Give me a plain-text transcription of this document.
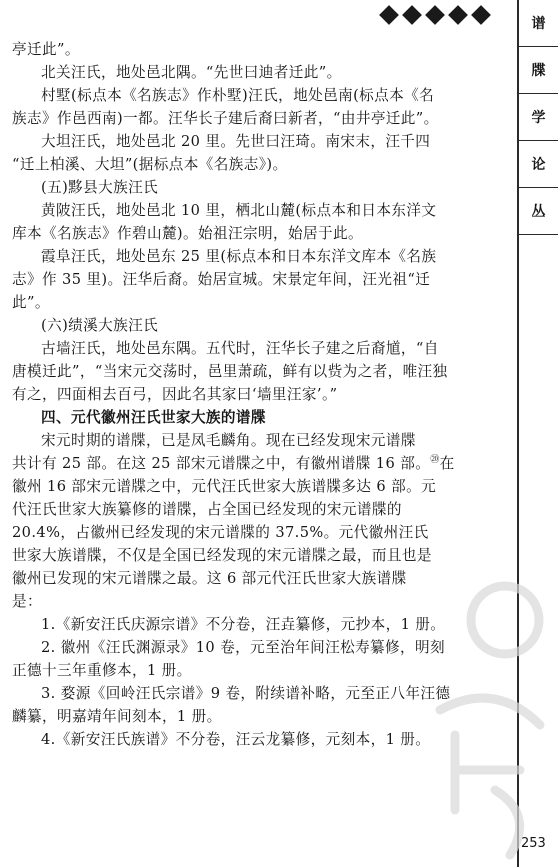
谱
牒
学
论
丛
亭迁此”。
北关汪氏，地处邑北隅。“先世曰迪者迁此”。
村墅(标点本《名族志》作朴墅)汪氏，地处邑南(标点本《名
族志》作邑西南)一都。汪华长子建后裔曰新者，“由井亭迁此”。
大坦汪氏，地处邑北 20 里。先世曰汪琦。南宋末，汪千四
“迁上柏溪、大坦”(据标点本《名族志》)。
(五)黟县大族汪氏
黄陂汪氏，地处邑北 10 里，栖北山麓(标点本和日本东洋文
库本《名族志》作碧山麓)。始祖汪宗明，始居于此。
霞阜汪氏，地处邑东 25 里(标点本和日本东洋文库本《名族
志》作 35 里)。汪华后裔。始居宣城。宋景定年间，汪光祖“迁
此”。
(六)绩溪大族汪氏
古墙汪氏，地处邑东隅。五代时，汪华长子建之后裔馗，“自
唐模迁此”，“当宋元交荡时，邑里萧疏，鲜有以赀为之者，唯汪独
有之，四面相去百弓，因此名其家曰‘墙里汪家’。”
四、元代徽州汪氏世家大族的谱牒
宋元时期的谱牒，已是凤毛麟角。现在已经发现宋元谱牒
共计有 25 部。在这 25 部宋元谱牒之中，有徽州谱牒 16 部。⑳在
徽州 16 部宋元谱牒之中，元代汪氏世家大族谱牒多达 6 部。元
代汪氏世家大族纂修的谱牒，占全国已经发现的宋元谱牒的
20.4%，占徽州已经发现的宋元谱牒的 37.5%。元代徽州汪氏
世家大族谱牒，不仅是全国已经发现的宋元谱牒之最，而且也是
徽州已发现的宋元谱牒之最。这 6 部元代汪氏世家大族谱牒
是：
1.《新安汪氏庆源宗谱》不分卷，汪垚纂修，元抄本，1 册。
2. 徽州《汪氏渊源录》10 卷，元至治年间汪松寿纂修，明刻
正德十三年重修本，1 册。
3. 婺源《回岭汪氏宗谱》9 卷，附续谱补略，元至正八年汪德
麟纂，明嘉靖年间刻本，1 册。
4.《新安汪氏族谱》不分卷，汪云龙纂修，元刻本，1 册。
253
